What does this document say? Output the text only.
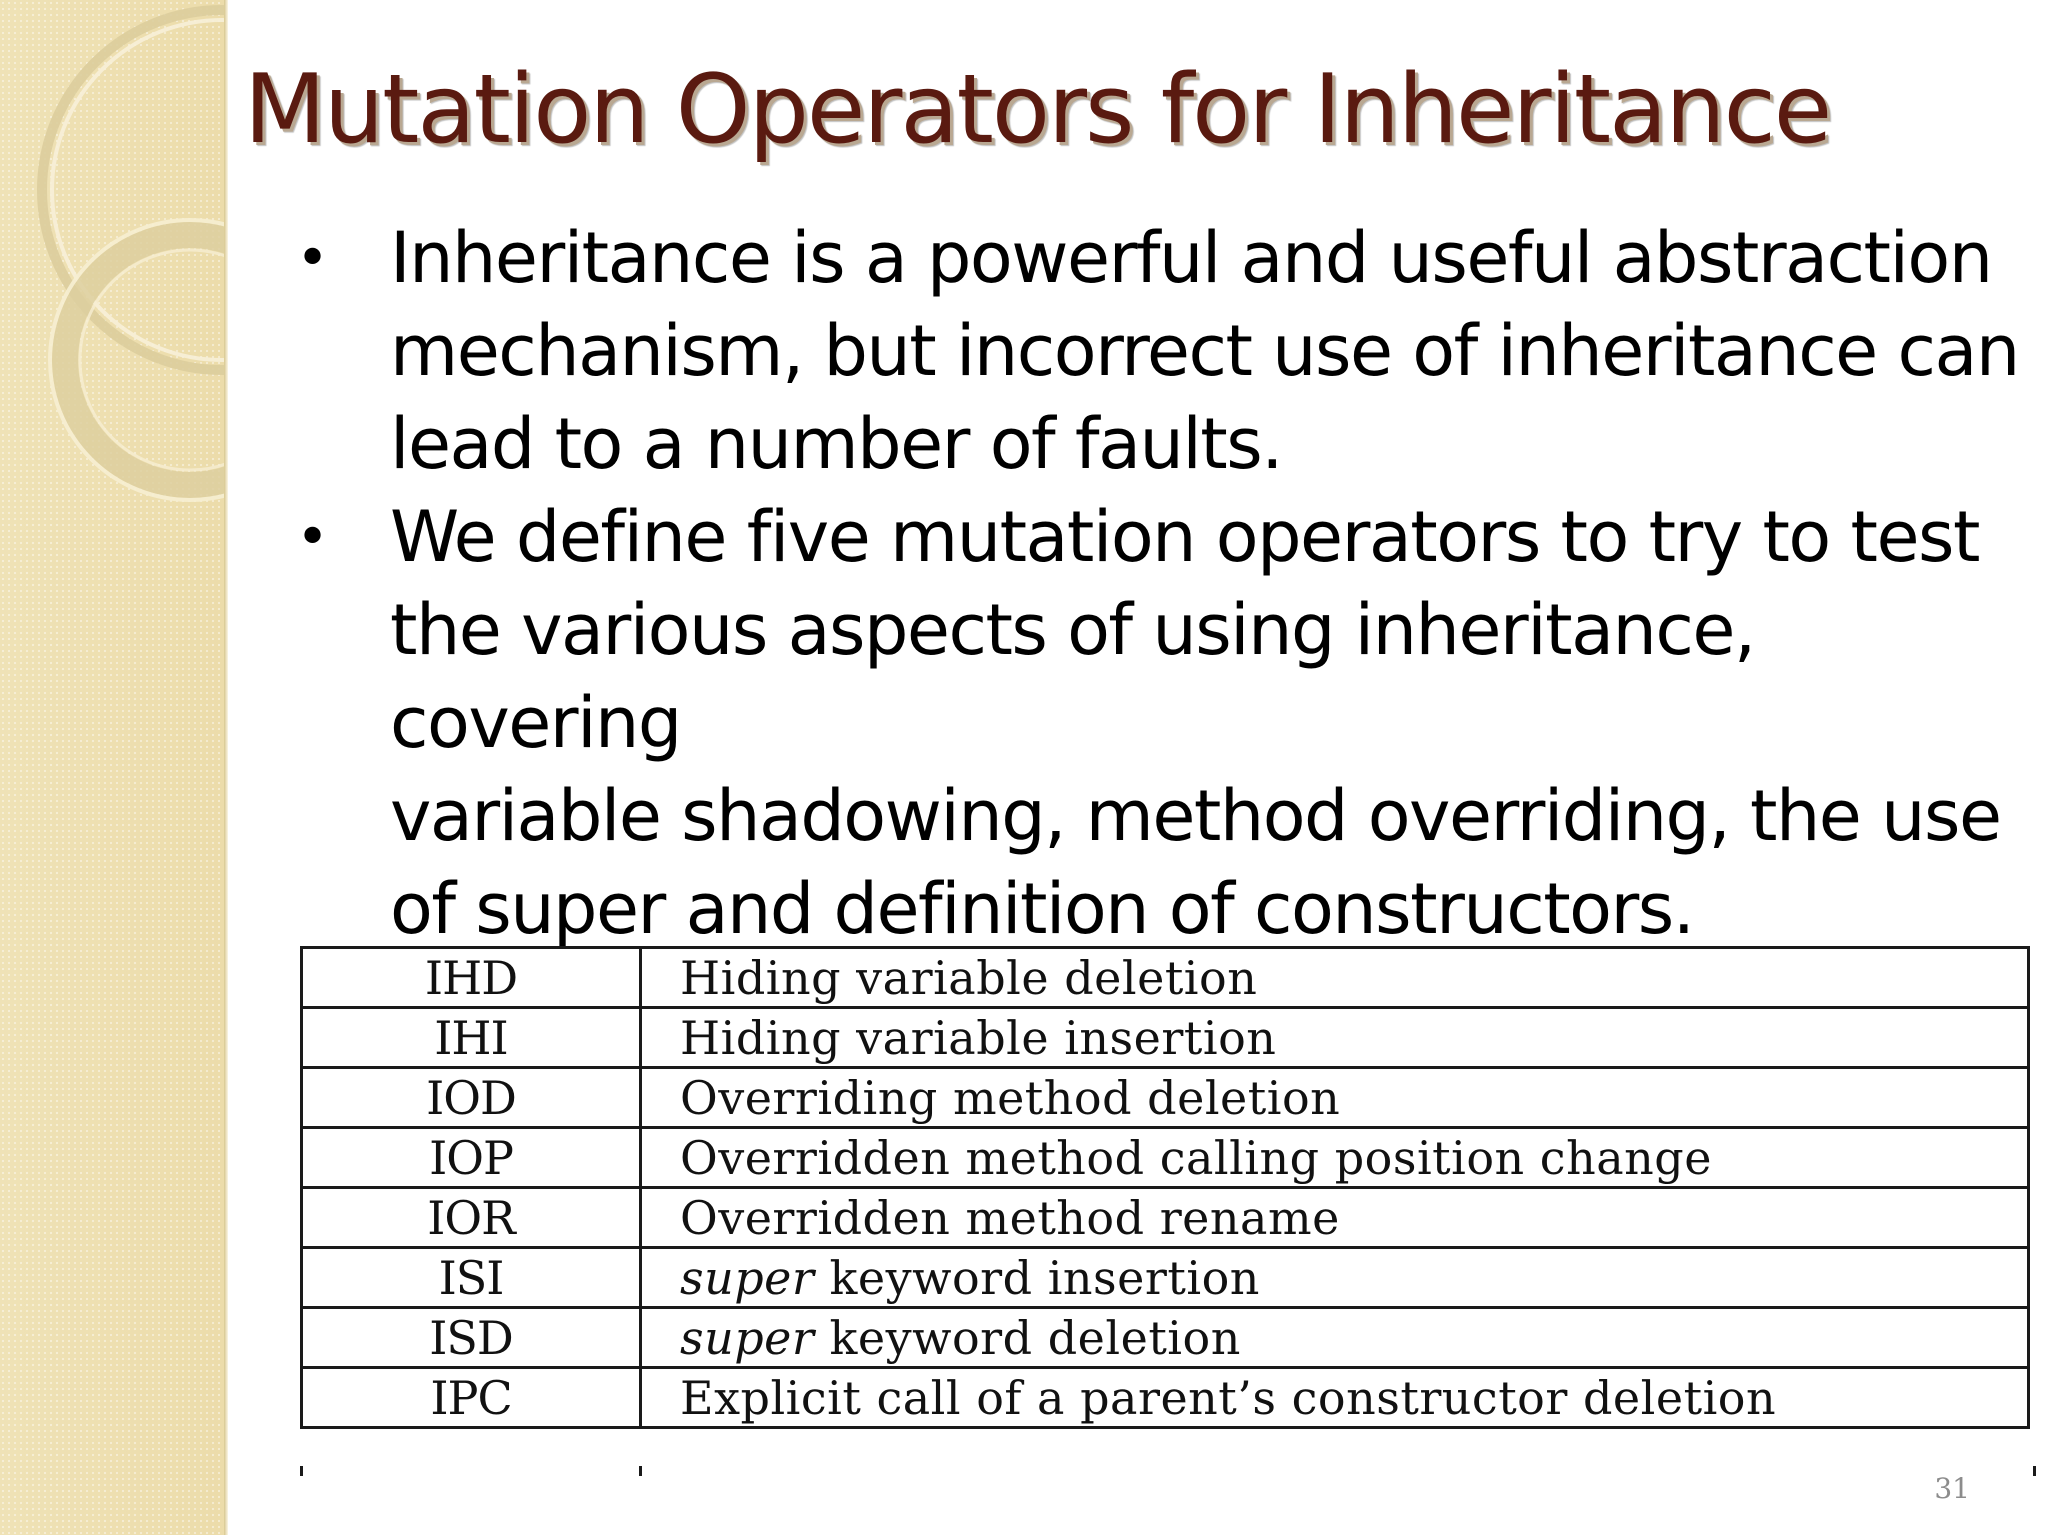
Mutation Operators for Inheritance
• Inheritance is a powerful and useful abstraction
mechanism, but incorrect use of inheritance can
lead to a number of faults.
• We define five mutation operators to try to test
the various aspects of using inheritance,
covering
variable shadowing, method overriding, the use
of super and definition of constructors.
IHD	Hiding variable deletion
IHI	Hiding variable insertion
IOD	Overriding method deletion
IOP	Overridden method calling position change
IOR	Overridden method rename
ISI	super keyword insertion
ISD	super keyword deletion
IPC	Explicit call of a parent’s constructor deletion
31
